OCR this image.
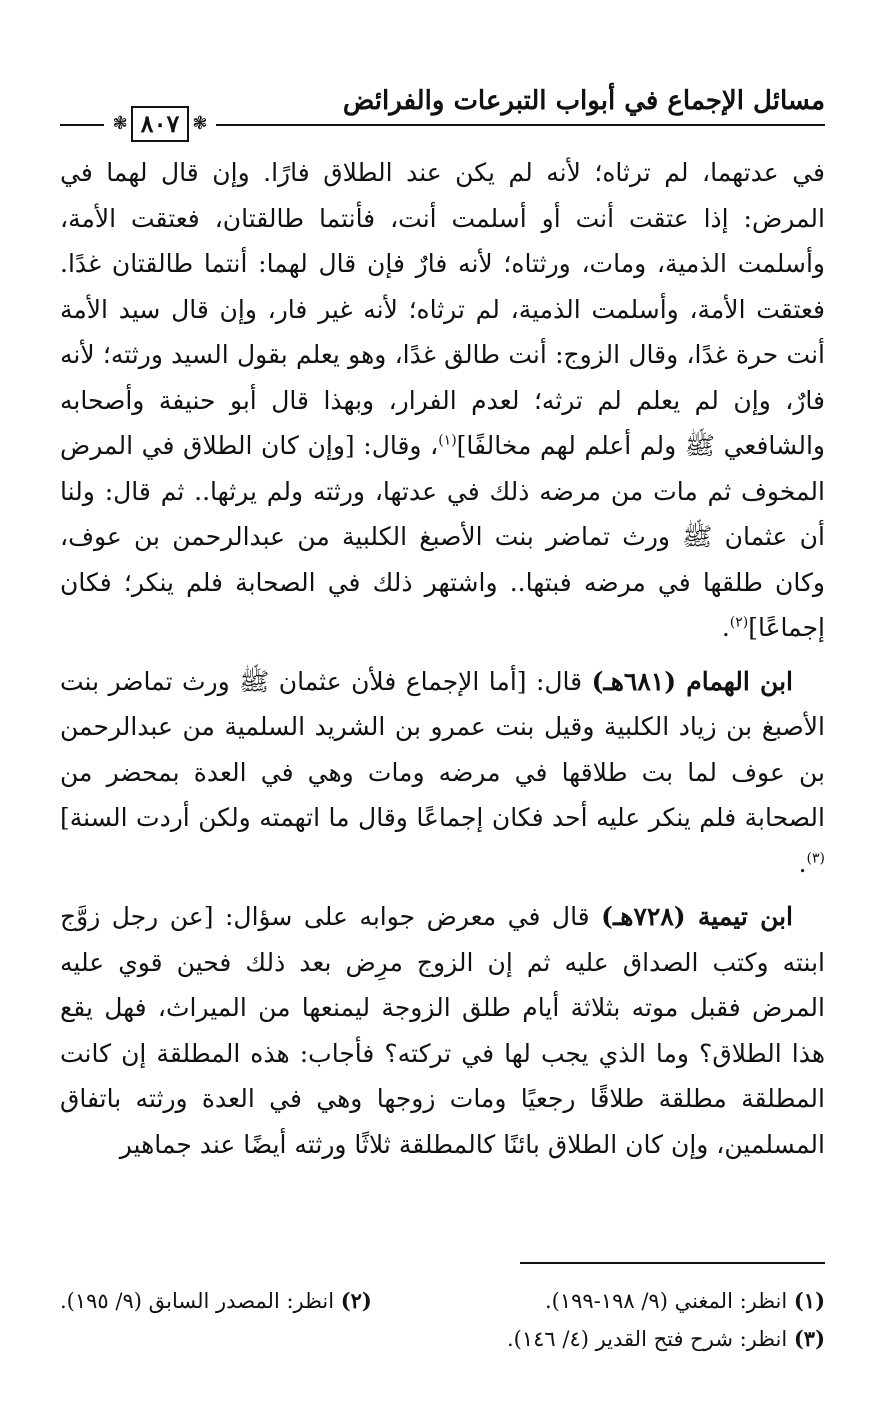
مسائل الإجماع في أبواب التبرعات والفرائض
❃
٨٠٧
❃

في عدتهما، لم ترثاه؛ لأنه لم يكن عند الطلاق فارًا. وإن قال لهما في المرض: إذا عتقت أنت أو أسلمت أنت، فأنتما طالقتان، فعتقت الأمة، وأسلمت الذمية، ومات، ورثتاه؛ لأنه فارٌ فإن قال لهما: أنتما طالقتان غدًا. فعتقت الأمة، وأسلمت الذمية، لم ترثاه؛ لأنه غير فار، وإن قال سيد الأمة أنت حرة غدًا، وقال الزوج: أنت طالق غدًا، وهو يعلم بقول السيد ورثته؛ لأنه فارٌ، وإن لم يعلم لم ترثه؛ لعدم الفرار، وبهذا قال أبو حنيفة وأصحابه والشافعي ﷺ ولم أعلم لهم مخالفًا]$^{(١)}$، وقال: [وإن كان الطلاق في المرض المخوف ثم مات من مرضه ذلك في عدتها، ورثته ولم يرثها.. ثم قال: ولنا أن عثمان ﷺ ورث تماضر بنت الأصبغ الكلبية من عبدالرحمن بن عوف، وكان طلقها في مرضه فبتها.. واشتهر ذلك في الصحابة فلم ينكر؛ فكان إجماعًا]$^{(٢)}$.

ابن الهمام (٦٨١هـ) قال: [أما الإجماع فلأن عثمان ﷺ ورث تماضر بنت الأصبغ بن زياد الكلبية وقيل بنت عمرو بن الشريد السلمية من عبدالرحمن بن عوف لما بت طلاقها في مرضه ومات وهي في العدة بمحضر من الصحابة فلم ينكر عليه أحد فكان إجماعًا وقال ما اتهمته ولكن أردت السنة]$^{(٣)}$.

ابن تيمية (٧٢٨هـ) قال في معرض جوابه على سؤال: [عن رجل زوَّج ابنته وكتب الصداق عليه ثم إن الزوج مرِض بعد ذلك فحين قوي عليه المرض فقبل موته بثلاثة أيام طلق الزوجة ليمنعها من الميراث، فهل يقع هذا الطلاق؟ وما الذي يجب لها في تركته؟ فأجاب: هذه المطلقة إن كانت المطلقة مطلقة طلاقًا رجعيًا ومات زوجها وهي في العدة ورثته باتفاق المسلمين، وإن كان الطلاق بائنًا كالمطلقة ثلاثًا ورثته أيضًا عند جماهير

(١) انظر: المغني (٩/ ١٩٨-١٩٩).
(٢) انظر: المصدر السابق (٩/ ١٩٥).
(٣) انظر: شرح فتح القدير (٤/ ١٤٦).
